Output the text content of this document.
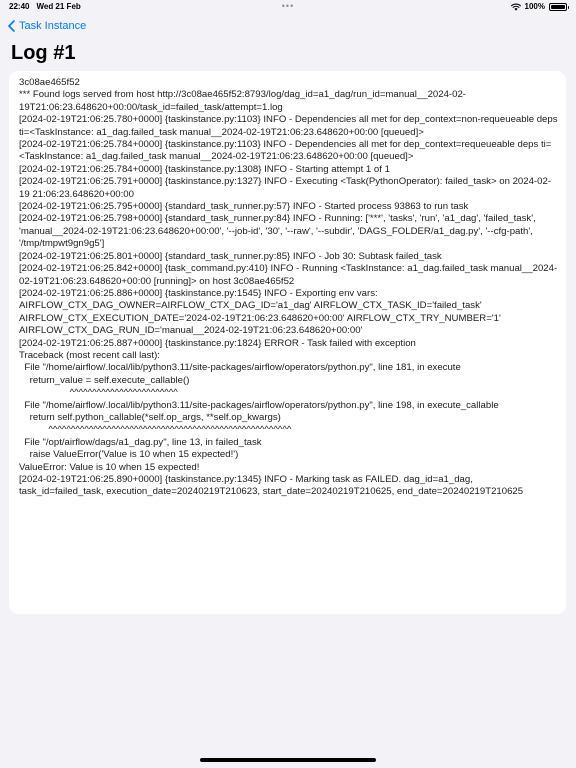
22:40 Wed 21 Feb	•••	100%
Task Instance
Log #1
3c08ae465f52
*** Found logs served from host http://3c08ae465f52:8793/log/dag_id=a1_dag/run_id=manual__2024-02-19T21:06:23.648620+00:00/task_id=failed_task/attempt=1.log
[2024-02-19T21:06:25.780+0000] {taskinstance.py:1103} INFO - Dependencies all met for dep_context=non-requeueable deps ti=<TaskInstance: a1_dag.failed_task manual__2024-02-19T21:06:23.648620+00:00 [queued]>
[2024-02-19T21:06:25.784+0000] {taskinstance.py:1103} INFO - Dependencies all met for dep_context=requeueable deps ti=<TaskInstance: a1_dag.failed_task manual__2024-02-19T21:06:23.648620+00:00 [queued]>
[2024-02-19T21:06:25.784+0000] {taskinstance.py:1308} INFO - Starting attempt 1 of 1
[2024-02-19T21:06:25.791+0000] {taskinstance.py:1327} INFO - Executing <Task(PythonOperator): failed_task> on 2024-02-19 21:06:23.648620+00:00
[2024-02-19T21:06:25.795+0000] {standard_task_runner.py:57} INFO - Started process 93863 to run task
[2024-02-19T21:06:25.798+0000] {standard_task_runner.py:84} INFO - Running: ['***', 'tasks', 'run', 'a1_dag', 'failed_task', 'manual__2024-02-19T21:06:23.648620+00:00', '--job-id', '30', '--raw', '--subdir', 'DAGS_FOLDER/a1_dag.py', '--cfg-path', '/tmp/tmpwt9gn9g5']
[2024-02-19T21:06:25.801+0000] {standard_task_runner.py:85} INFO - Job 30: Subtask failed_task
[2024-02-19T21:06:25.842+0000] {task_command.py:410} INFO - Running <TaskInstance: a1_dag.failed_task manual__2024-02-19T21:06:23.648620+00:00 [running]> on host 3c08ae465f52
[2024-02-19T21:06:25.886+0000] {taskinstance.py:1545} INFO - Exporting env vars: AIRFLOW_CTX_DAG_OWNER=AIRFLOW_CTX_DAG_ID='a1_dag' AIRFLOW_CTX_TASK_ID='failed_task' AIRFLOW_CTX_EXECUTION_DATE='2024-02-19T21:06:23.648620+00:00' AIRFLOW_CTX_TRY_NUMBER='1' AIRFLOW_CTX_DAG_RUN_ID='manual__2024-02-19T21:06:23.648620+00:00'
[2024-02-19T21:06:25.887+0000] {taskinstance.py:1824} ERROR - Task failed with exception
Traceback (most recent call last):
File "/home/airflow/.local/lib/python3.11/site-packages/airflow/operators/python.py", line 181, in execute
return_value = self.execute_callable()
^^^^^^^^^^^^^^^^^^^^^^^^
File "/home/airflow/.local/lib/python3.11/site-packages/airflow/operators/python.py", line 198, in execute_callable
return self.python_callable(*self.op_args, **self.op_kwargs)
^^^^^^^^^^^^^^^^^^^^^^^^^^^^^^^^^^^^^^^^^^^^^^^^^^^^^^
File "/opt/airflow/dags/a1_dag.py", line 13, in failed_task
raise ValueError('Value is 10 when 15 expected!')
ValueError: Value is 10 when 15 expected!
[2024-02-19T21:06:25.890+0000] {taskinstance.py:1345} INFO - Marking task as FAILED. dag_id=a1_dag, task_id=failed_task, execution_date=20240219T210623, start_date=20240219T210625, end_date=20240219T210625
